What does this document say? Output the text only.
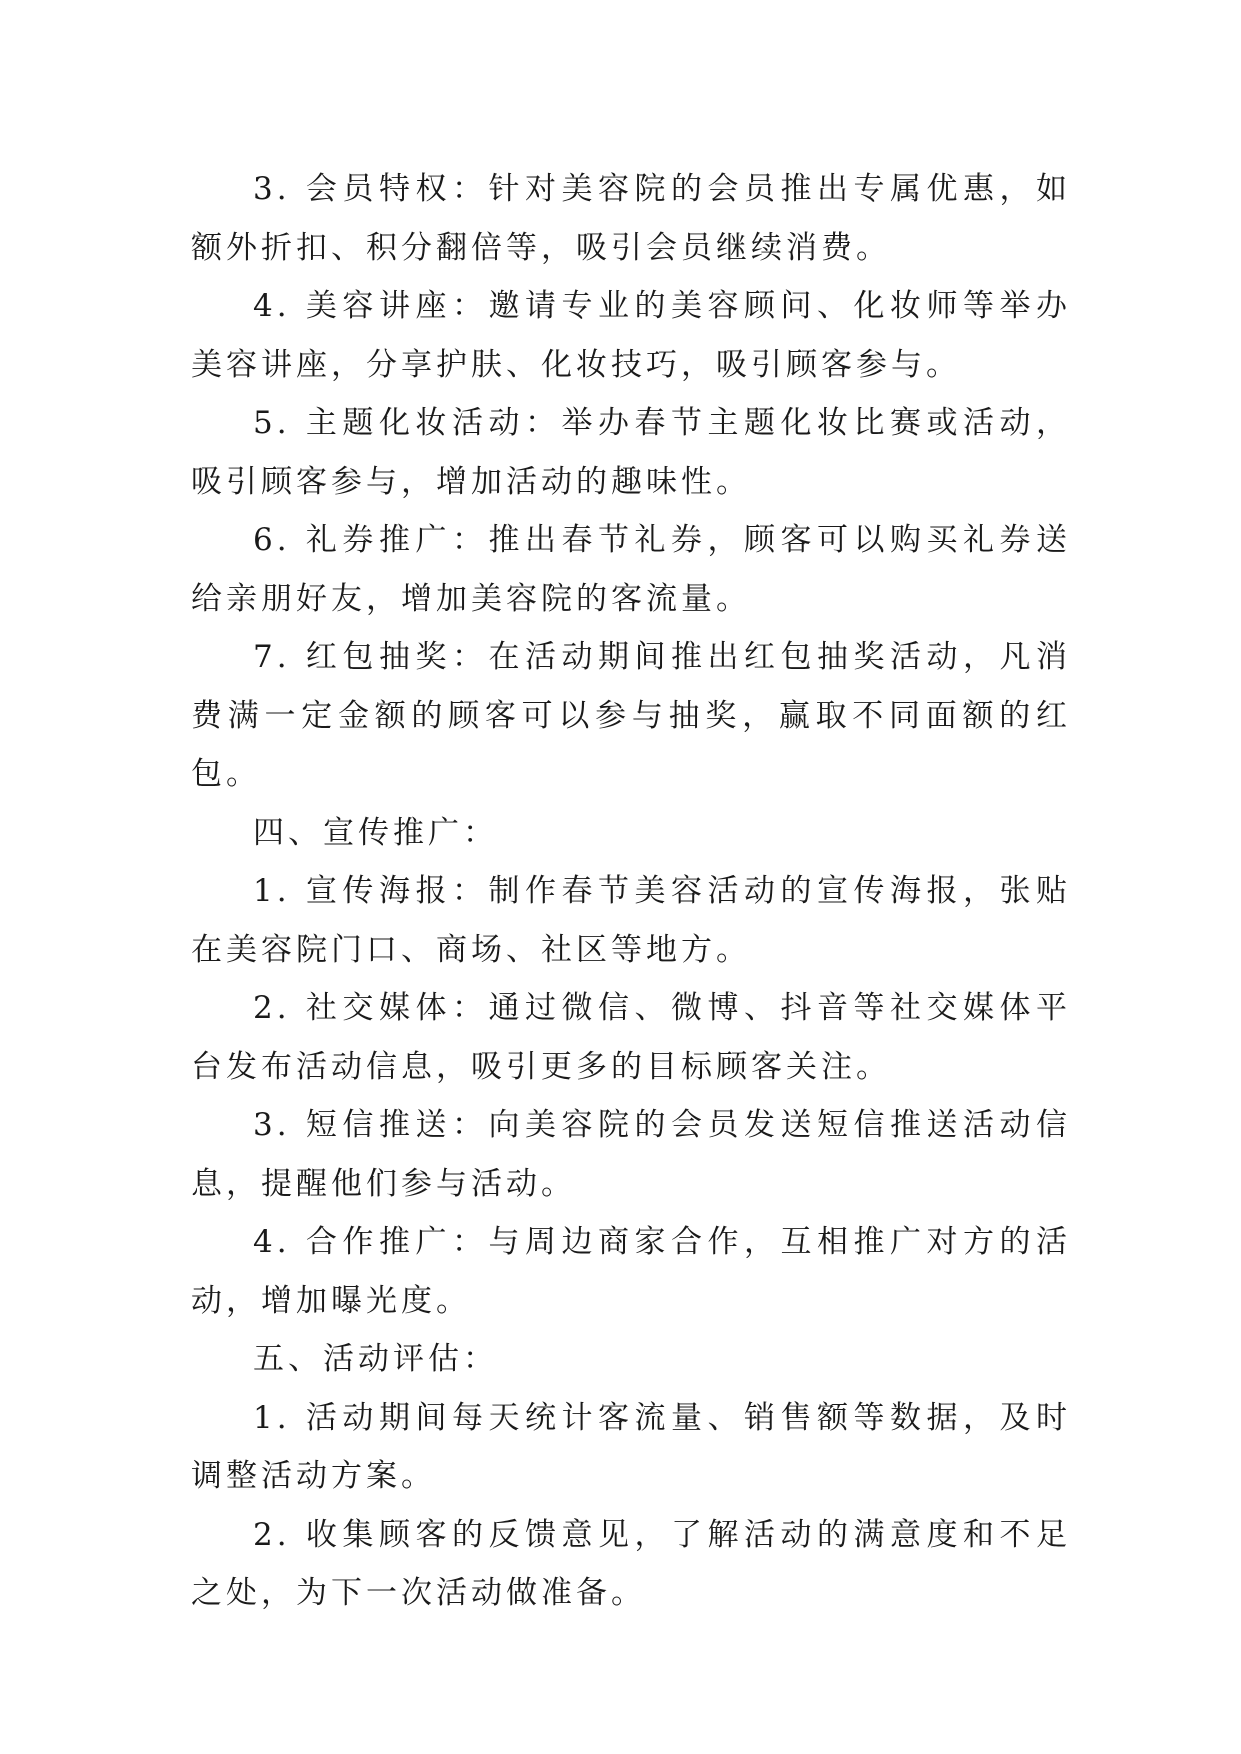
3. 会员特权：针对美容院的会员推出专属优惠，如额外折扣、积分翻倍等，吸引会员继续消费。

4. 美容讲座：邀请专业的美容顾问、化妆师等举办美容讲座，分享护肤、化妆技巧，吸引顾客参与。

5. 主题化妆活动：举办春节主题化妆比赛或活动，吸引顾客参与，增加活动的趣味性。

6. 礼券推广：推出春节礼券，顾客可以购买礼券送给亲朋好友，增加美容院的客流量。

7. 红包抽奖：在活动期间推出红包抽奖活动，凡消费满一定金额的顾客可以参与抽奖，赢取不同面额的红包。

四、宣传推广：

1. 宣传海报：制作春节美容活动的宣传海报，张贴在美容院门口、商场、社区等地方。

2. 社交媒体：通过微信、微博、抖音等社交媒体平台发布活动信息，吸引更多的目标顾客关注。

3. 短信推送：向美容院的会员发送短信推送活动信息，提醒他们参与活动。

4. 合作推广：与周边商家合作，互相推广对方的活动，增加曝光度。

五、活动评估：

1. 活动期间每天统计客流量、销售额等数据，及时调整活动方案。

2. 收集顾客的反馈意见，了解活动的满意度和不足之处，为下一次活动做准备。
